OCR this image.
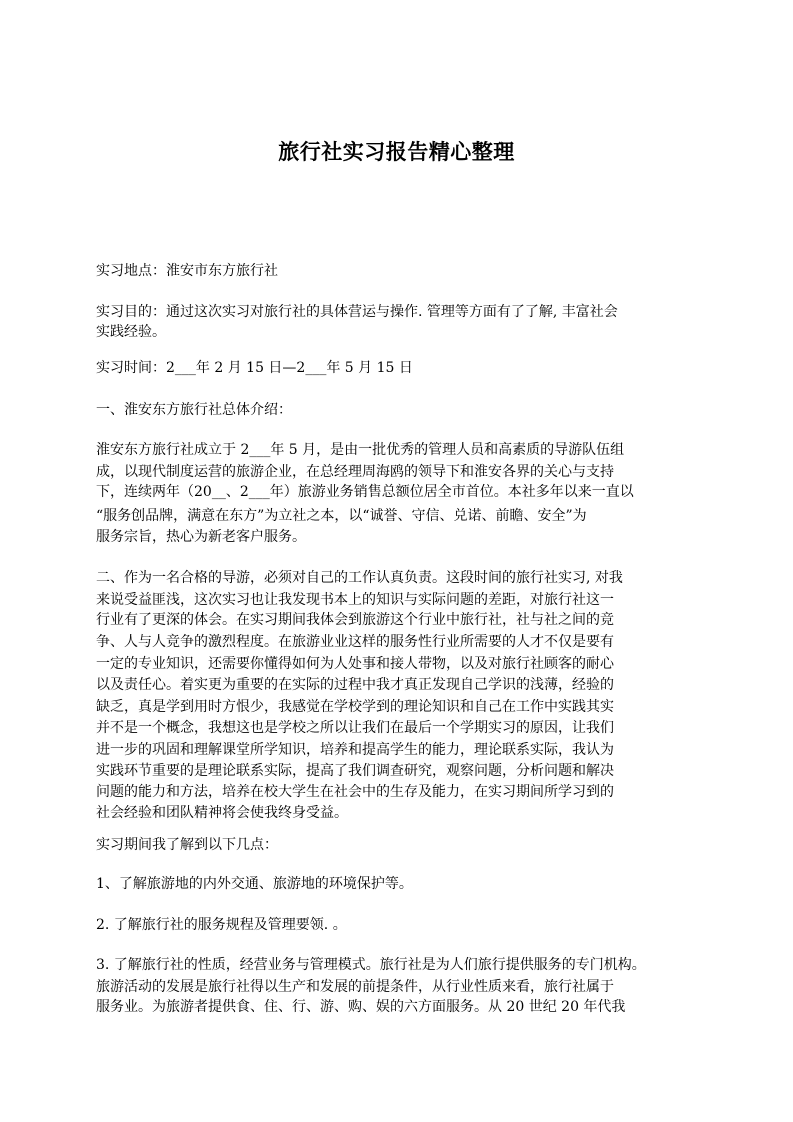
旅行社实习报告精心整理
实习地点：淮安市东方旅行社
实习目的：通过这次实习对旅行社的具体营运与操作. 管理等方面有了了解, 丰富社会
实践经验。
实习时间：2___年 2 月 15 日—2___年 5 月 15 日
一、淮安东方旅行社总体介绍：
淮安东方旅行社成立于 2___年 5 月，是由一批优秀的管理人员和高素质的导游队伍组
成，以现代制度运营的旅游企业，在总经理周海鸥的领导下和淮安各界的关心与支持
下，连续两年（20__、2___年）旅游业务销售总额位居全市首位。本社多年以来一直以
“服务创品牌，满意在东方”为立社之本，以“诚誉、守信、兑诺、前瞻、安全”为
服务宗旨，热心为新老客户服务。
二、作为一名合格的导游，必须对自己的工作认真负责。这段时间的旅行社实习, 对我
来说受益匪浅，这次实习也让我发现书本上的知识与实际问题的差距，对旅行社这一
行业有了更深的体会。在实习期间我体会到旅游这个行业中旅行社，社与社之间的竞
争、人与人竞争的激烈程度。在旅游业业这样的服务性行业所需要的人才不仅是要有
一定的专业知识，还需要你懂得如何为人处事和接人带物，以及对旅行社顾客的耐心
以及责任心。着实更为重要的在实际的过程中我才真正发现自己学识的浅薄，经验的
缺乏，真是学到用时方恨少，我感觉在学校学到的理论知识和自己在工作中实践其实
并不是一个概念，我想这也是学校之所以让我们在最后一个学期实习的原因，让我们
进一步的巩固和理解课堂所学知识，培养和提高学生的能力，理论联系实际，我认为
实践环节重要的是理论联系实际，提高了我们调查研究，观察问题，分析问题和解决
问题的能力和方法，培养在校大学生在社会中的生存及能力，在实习期间所学习到的
社会经验和团队精神将会使我终身受益。
实习期间我了解到以下几点：
1、了解旅游地的内外交通、旅游地的环境保护等。
2. 了解旅行社的服务规程及管理要领. 。
3. 了解旅行社的性质，经营业务与管理模式。旅行社是为人们旅行提供服务的专门机构。
旅游活动的发展是旅行社得以生产和发展的前提条件，从行业性质来看，旅行社属于
服务业。为旅游者提供食、住、行、游、购、娱的六方面服务。从 20 世纪 20 年代我
